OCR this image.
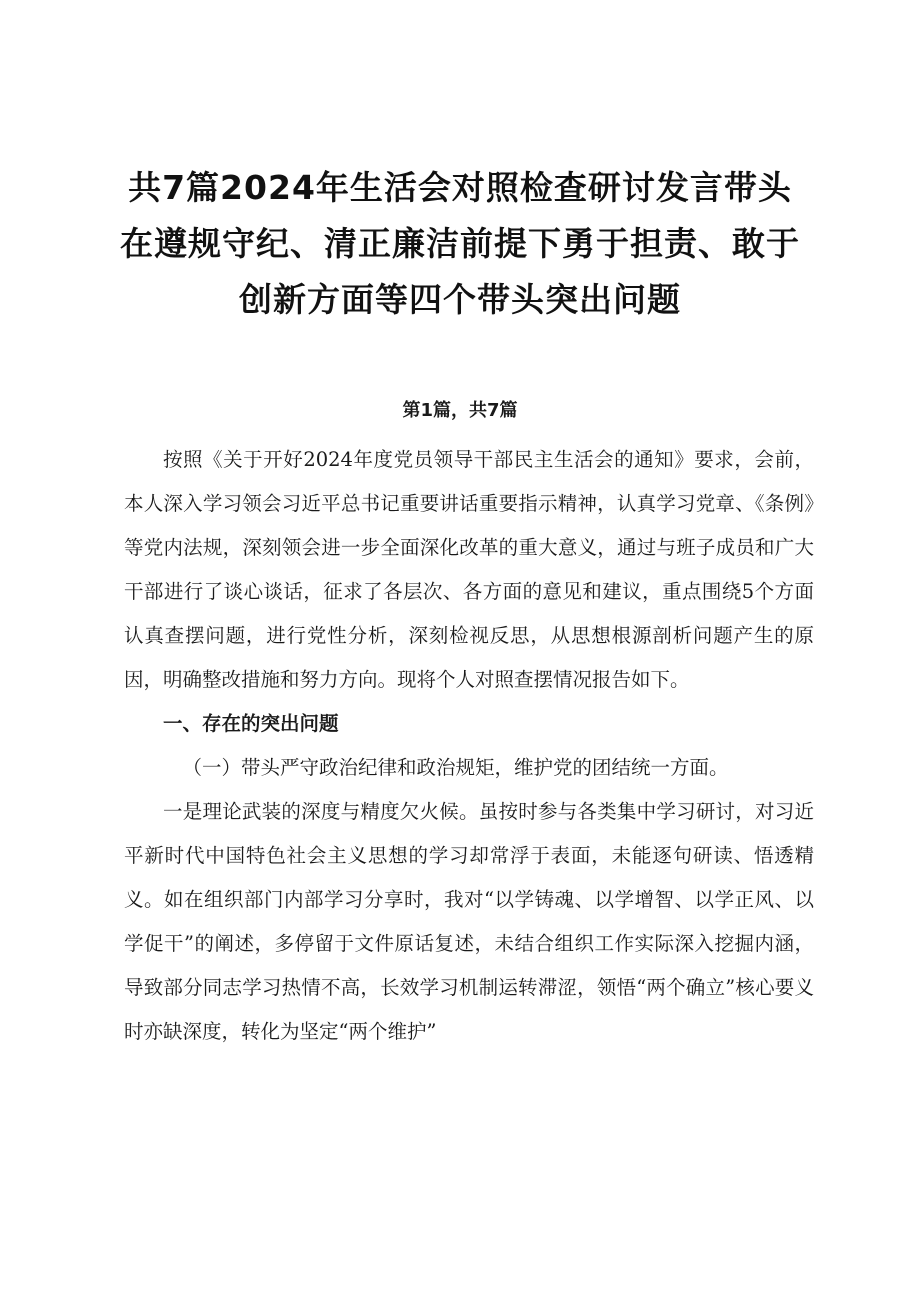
共7篇2024年生活会对照检查研讨发言带头
在遵规守纪、清正廉洁前提下勇于担责、敢于
创新方面等四个带头突出问题
第1篇，共7篇

按照《关于开好2024年度党员领导干部民主生活会的通知》要求，会前，本人深入学习领会习近平总书记重要讲话重要指示精神，认真学习党章、《条例》等党内法规，深刻领会进一步全面深化改革的重大意义，通过与班子成员和广大干部进行了谈心谈话，征求了各层次、各方面的意见和建议，重点围绕5个方面认真查摆问题，进行党性分析，深刻检视反思，从思想根源剖析问题产生的原因，明确整改措施和努力方向。现将个人对照查摆情况报告如下。

一、存在的突出问题

（一）带头严守政治纪律和政治规矩，维护党的团结统一方面。

一是理论武装的深度与精度欠火候。虽按时参与各类集中学习研讨，对习近平新时代中国特色社会主义思想的学习却常浮于表面，未能逐句研读、悟透精义。如在组织部门内部学习分享时，我对“以学铸魂、以学增智、以学正风、以学促干”的阐述，多停留于文件原话复述，未结合组织工作实际深入挖掘内涵，导致部分同志学习热情不高，长效学习机制运转滞涩，领悟“两个确立”核心要义时亦缺深度，转化为坚定“两个维护”
